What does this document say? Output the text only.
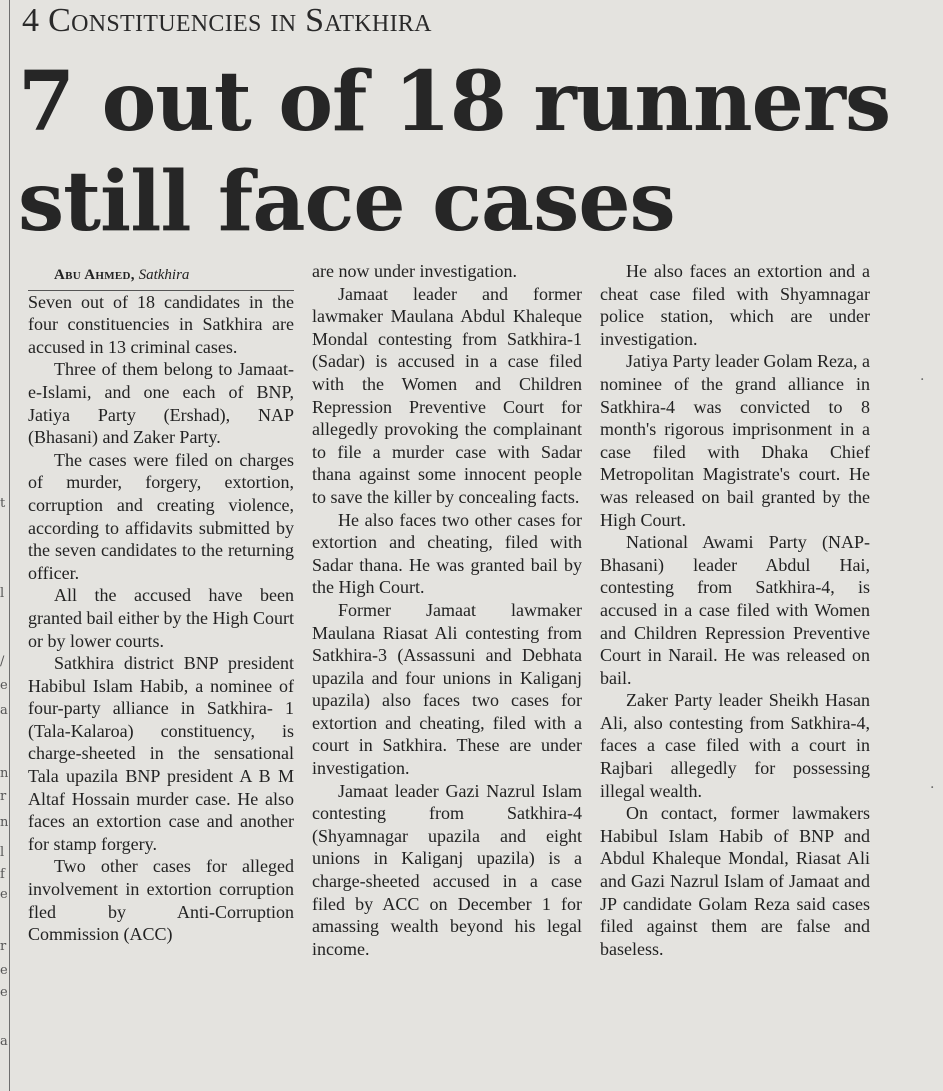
t
l
/
e
a
n
r
n
l
f
e
r
e
e
a
4 Constituencies in Satkhira
7 out of 18 runners
still face cases

Abu Ahmed, Satkhira

Seven out of 18 candidates in the four constituencies in Satkhira are accused in 13 criminal cases.

Three of them belong to Jamaat-e-Islami, and one each of BNP, Jatiya Party (Ershad), NAP (Bhasani) and Zaker Party.

The cases were filed on charges of murder, forgery, extortion, corruption and creating violence, according to affidavits submitted by the seven candidates to the returning officer.

All the accused have been granted bail either by the High Court or by lower courts.

Satkhira district BNP president Habibul Islam Habib, a nominee of four-party alliance in Satkhira- 1 (Tala-Kalaroa) constituency, is charge-sheeted in the sensational Tala upazila BNP president A B M Altaf Hossain murder case. He also faces an extortion case and another for stamp forgery.

Two other cases for alleged involvement in extortion corruption fled by Anti-Corruption Commission (ACC)

are now under investigation.

Jamaat leader and former lawmaker Maulana Abdul Khaleque Mondal contesting from Satkhira-1 (Sadar) is accused in a case filed with the Women and Children Repression Preventive Court for allegedly provoking the complainant to file a murder case with Sadar thana against some innocent people to save the killer by concealing facts.

He also faces two other cases for extortion and cheating, filed with Sadar thana. He was granted bail by the High Court.

Former Jamaat lawmaker Maulana Riasat Ali contesting from Satkhira-3 (Assassuni and Debhata upazila and four unions in Kaliganj upazila) also faces two cases for extortion and cheating, filed with a court in Satkhira. These are under investigation.

Jamaat leader Gazi Nazrul Islam contesting from Satkhira-4 (Shyamnagar upazila and eight unions in Kaliganj upazila) is a charge-sheeted accused in a case filed by ACC on December 1 for amassing wealth beyond his legal income.

He also faces an extortion and a cheat case filed with Shyamnagar police station, which are under investigation.

Jatiya Party leader Golam Reza, a nominee of the grand alliance in Satkhira-4 was convicted to 8 month's rigorous imprisonment in a case filed with Dhaka Chief Metropolitan Magistrate's court. He was released on bail granted by the High Court.

National Awami Party (NAP-Bhasani) leader Abdul Hai, contesting from Satkhira-4, is accused in a case filed with Women and Children Repression Preventive Court in Narail. He was released on bail.

Zaker Party leader Sheikh Hasan Ali, also contesting from Satkhira-4, faces a case filed with a court in Rajbari allegedly for possessing illegal wealth.

On contact, former lawmakers Habibul Islam Habib of BNP and Abdul Khaleque Mondal, Riasat Ali and Gazi Nazrul Islam of Jamaat and JP candidate Golam Reza said cases filed against them are false and baseless.

·
·
